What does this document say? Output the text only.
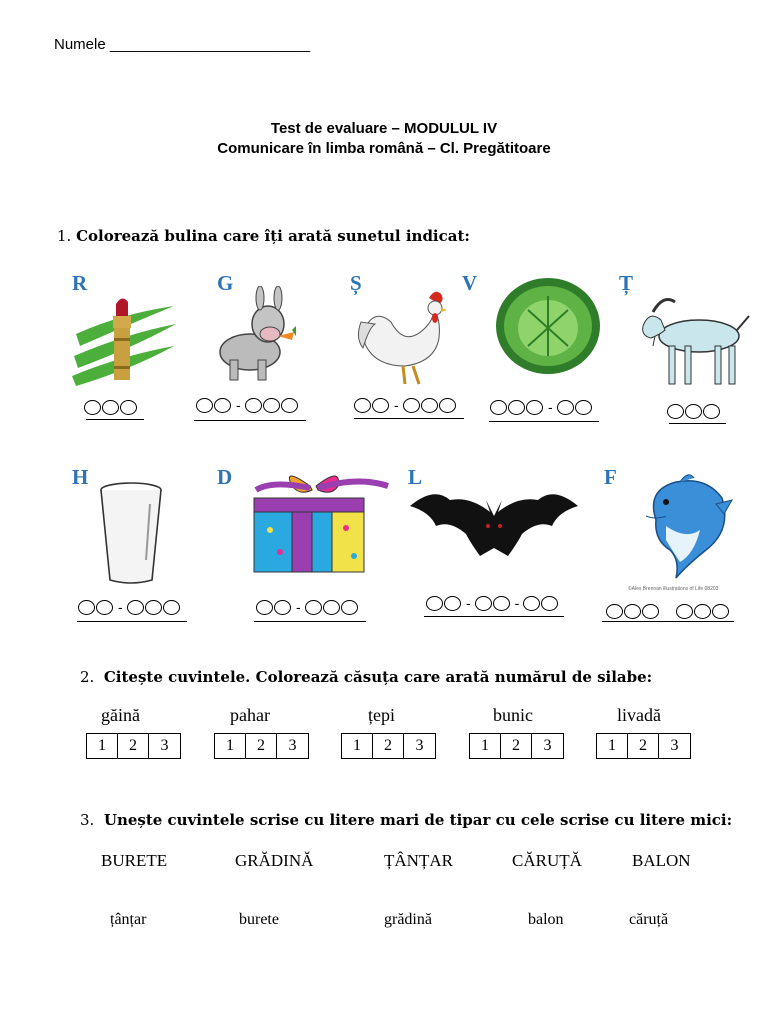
Numele ________________________
Test de evaluare – MODULUL IV
Comunicare în limba română – Cl. Pregătitoare
1. Colorează bulina care îți arată sunetul indicat:
R	G	Ș	V	Ț
-	-	-
H	D	L	F
©Alex Brennan illustrations of Life 08203
-	-	-	-
2. Citește cuvintele. Colorează căsuța care arată numărul de silabe:
găină	pahar	țepi	bunic	livadă
1	2	3	1	2	3	1	2	3	1	2	3	1	2	3
3. Unește cuvintele scrise cu litere mari de tipar cu cele scrise cu litere mici:
BURETE	GRĂDINĂ	ȚÂNȚAR	CĂRUȚĂ	BALON
țânțar	burete	grădină	balon	căruță
